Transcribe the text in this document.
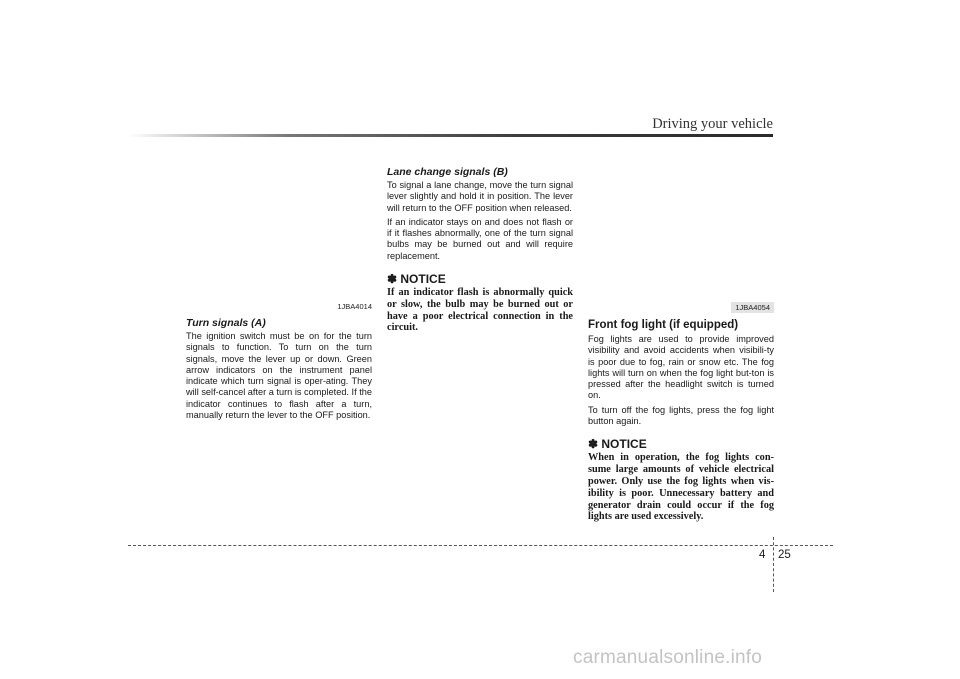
Driving your vehicle
1JBA4014

Turn signals (A)

The ignition switch must be on for the turn signals to function. To turn on the turn signals, move the lever up or down. Green arrow indicators on the instrument panel indicate which turn signal is oper-ating. They will self-cancel after a turn is completed. If the indicator continues to flash after a turn, manually return the lever to the OFF position.

Lane change signals (B)

To signal a lane change, move the turn signal lever slightly and hold it in position. The lever will return to the OFF position when released.

If an indicator stays on and does not flash or if it flashes abnormally, one of the turn signal bulbs may be burned out and will require replacement.

✽ NOTICE

If an indicator flash is abnormally quick or slow, the bulb may be burned out or have a poor electrical connection in the circuit.

1JBA4054

Front fog light (if equipped)

Fog lights are used to provide improved visibility and avoid accidents when visibili-ty is poor due to fog, rain or snow etc. The fog lights will turn on when the fog light but-ton is pressed after the headlight switch is turned on.

To turn off the fog lights, press the fog light button again.

✽ NOTICE

When in operation, the fog lights con-sume large amounts of vehicle electrical power. Only use the fog lights when vis-ibility is poor. Unnecessary battery and generator drain could occur if the fog lights are used excessively.

4 25
carmanualsonline.info
